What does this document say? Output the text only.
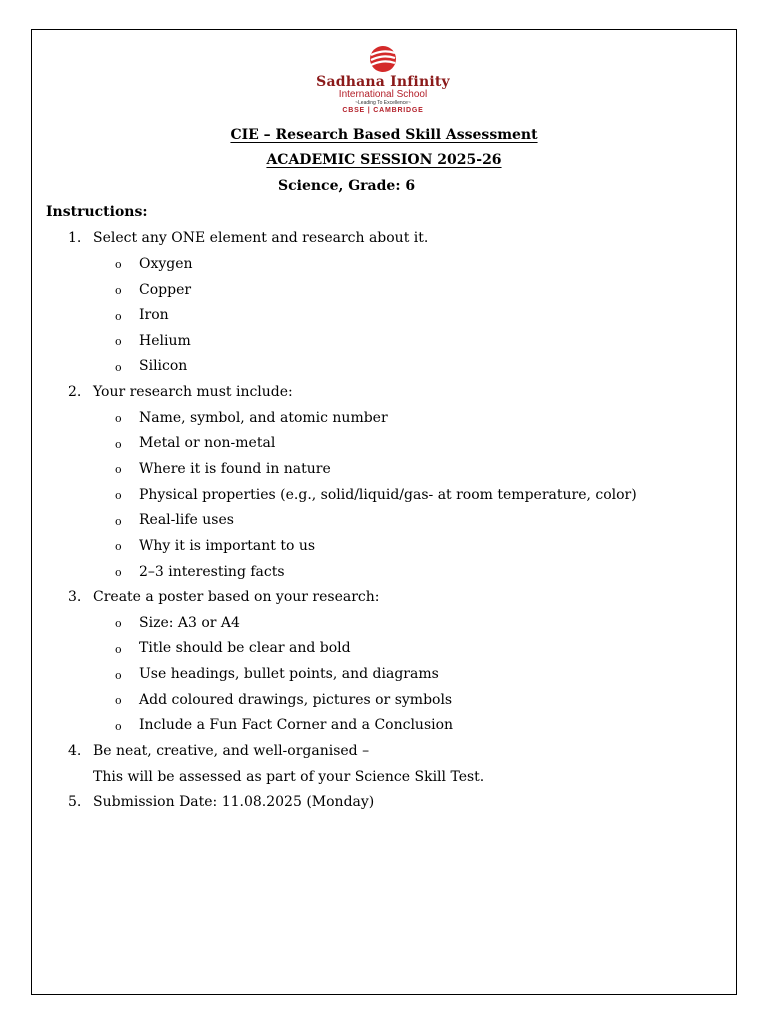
Sadhana Infinity
International School
~Leading To Excellence~
CBSE | CAMBRIDGE
CIE – Research Based Skill Assessment
ACADEMIC SESSION 2025-26
Science, Grade: 6
Instructions:
1. Select any ONE element and research about it.
o Oxygen
o Copper
o Iron
o Helium
o Silicon
2. Your research must include:
o Name, symbol, and atomic number
o Metal or non-metal
o Where it is found in nature
o Physical properties (e.g., solid/liquid/gas- at room temperature, color)
o Real-life uses
o Why it is important to us
o 2–3 interesting facts
3. Create a poster based on your research:
o Size: A3 or A4
o Title should be clear and bold
o Use headings, bullet points, and diagrams
o Add coloured drawings, pictures or symbols
o Include a Fun Fact Corner and a Conclusion
4. Be neat, creative, and well-organised –
This will be assessed as part of your Science Skill Test.
5. Submission Date: 11.08.2025 (Monday)
